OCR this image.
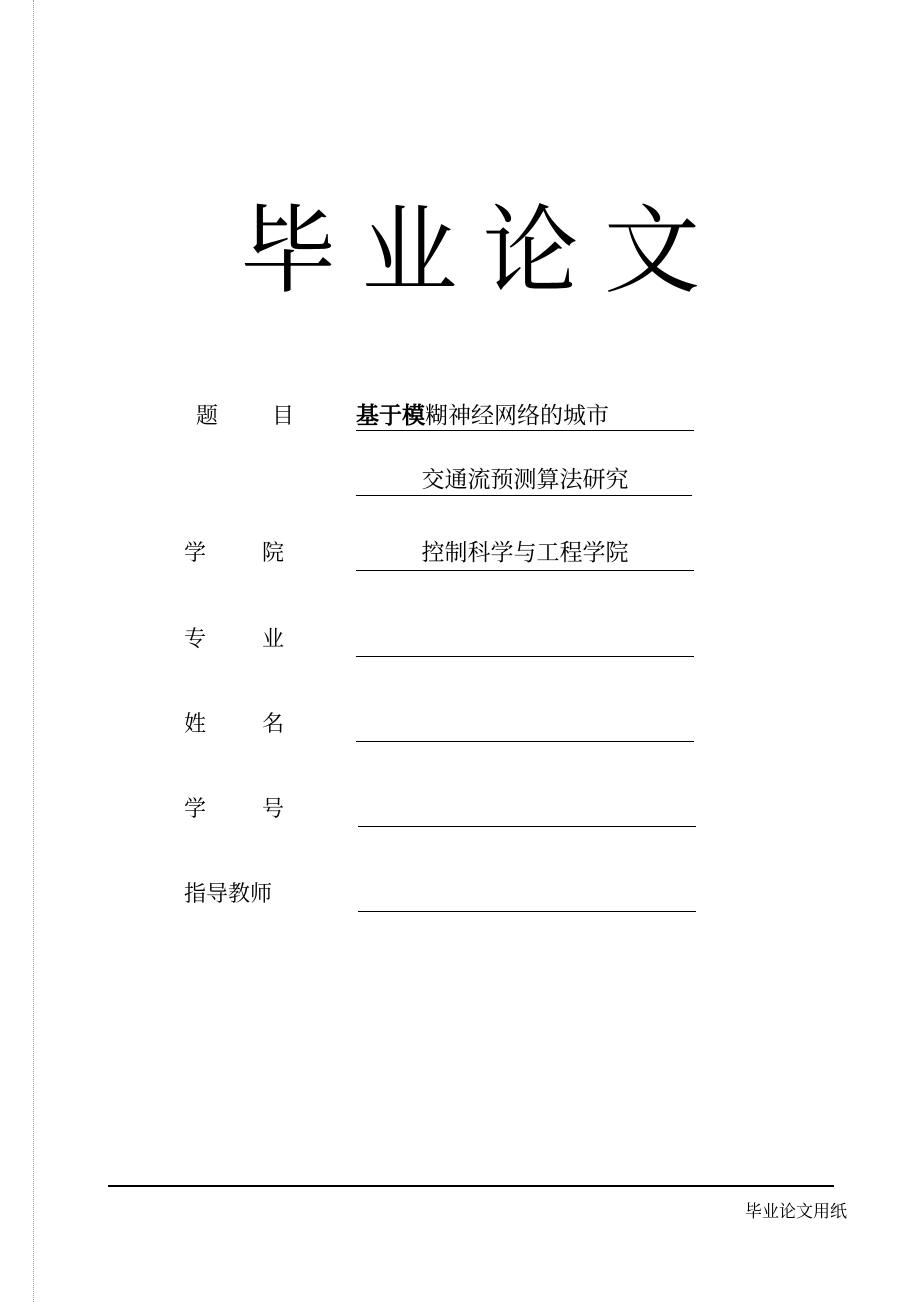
毕 业 论 文
题 目	基于模糊神经网络的城市
交通流预测算法研究
学	院	控制科学与工程学院
专	业
姓	名
学	号
指导教师
毕业论文用纸
